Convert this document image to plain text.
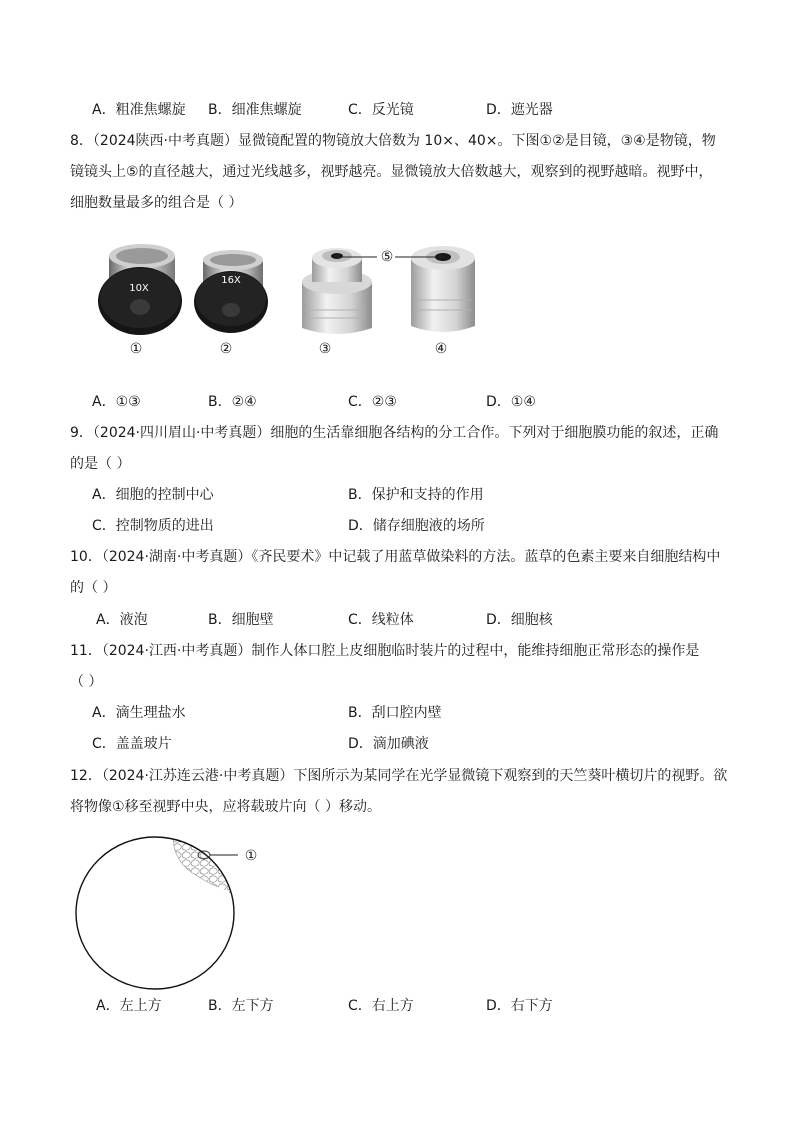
A．粗准焦螺旋 B．细准焦螺旋	C．反光镜	D．遮光器
8．（2024陕西·中考真题）显微镜配置的物镜放大倍数为 10×、40×。下图①②是目镜，③④是物镜，物
镜镜头上⑤的直径越大，通过光线越多，视野越亮。显微镜放大倍数越大，观察到的视野越暗。视野中，
细胞数量最多的组合是（ ）
10X
16X
⑤
①	②	③	④
A．①③	B．②④	C．②③	D．①④
9．（2024·四川眉山·中考真题）细胞的生活靠细胞各结构的分工合作。下列对于细胞膜功能的叙述，正确
的是（ ）
A．细胞的控制中心	B．保护和支持的作用
C．控制物质的进出	D．储存细胞液的场所
10．（2024·湖南·中考真题）《齐民要术》中记载了用蓝草做染料的方法。蓝草的色素主要来自细胞结构中
的（ ）
A．液泡	B．细胞壁	C．线粒体	D．细胞核
11．（2024·江西·中考真题）制作人体口腔上皮细胞临时装片的过程中，能维持细胞正常形态的操作是
（ ）
A．滴生理盐水	B．刮口腔内壁
C．盖盖玻片	D．滴加碘液
12．（2024·江苏连云港·中考真题）下图所示为某同学在光学显微镜下观察到的天竺葵叶横切片的视野。欲
将物像①移至视野中央，应将载玻片向（ ）移动。
①
A．左上方	B．左下方	C．右上方	D．右下方
